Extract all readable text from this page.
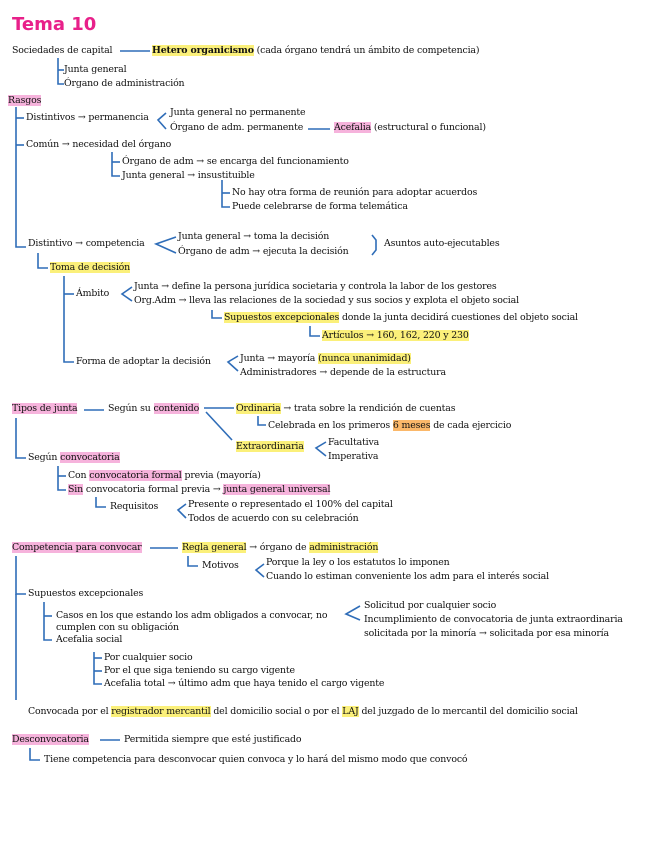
Tema 10
Sociedades de capital	Hetero organicismo (cada órgano tendrá un ámbito de competencia)
Junta general
Órgano de administración
Rasgos
Distintivos → permanencia Junta general no permanente
Órgano de adm. permanente	Acefalia (estructural o funcional)
Común → necesidad del órgano
Órgano de adm → se encarga del funcionamiento
Junta general → insustituible
No hay otra forma de reunión para adoptar acuerdos
Puede celebrarse de forma telemática
Distintivo → competencia
Junta general → toma la decisión
Órgano de adm → ejecuta la decisión
Asuntos auto-ejecutables
Toma de decisión
Ámbito
Junta → define la persona jurídica societaria y controla la labor de los gestores
Org.Adm → lleva las relaciones de la sociedad y sus socios y explota el objeto social
Supuestos excepcionales donde la junta decidirá cuestiones del objeto social
Artículos → 160, 162, 220 y 230
Forma de adoptar la decisión	Junta → mayoría (nunca unanimidad)
Administradores → depende de la estructura
Tipos de junta	Según su contenido	Ordinaria → trata sobre la rendición de cuentas
Celebrada en los primeros 6 meses de cada ejercicio
Extraordinaria	Facultativa
Imperativa
Según convocatoria
Con convocatoria formal previa (mayoría)
Sin convocatoria formal previa → junta general universal
Requisitos	Presente o representado el 100% del capital
Todos de acuerdo con su celebración
Competencia para convocar	Regla general → órgano de administración
Motivos	Porque la ley o los estatutos lo imponen
Cuando lo estiman conveniente los adm para el interés social
Supuestos excepcionales
Casos en los que estando los adm obligados a convocar, no
cumplen con su obligación
Acefalia social
Solicitud por cualquier socio
Incumplimiento de convocatoria de junta extraordinaria
solicitada por la minoría → solicitada por esa minoría
Por cualquier socio
Por el que siga teniendo su cargo vigente
Acefalia total → último adm que haya tenido el cargo vigente
Convocada por el registrador mercantil del domicilio social o por el LAJ del juzgado de lo mercantil del domicilio social
Desconvocatoria	Permitida siempre que esté justificado
Tiene competencia para desconvocar quien convoca y lo hará del mismo modo que convocó
